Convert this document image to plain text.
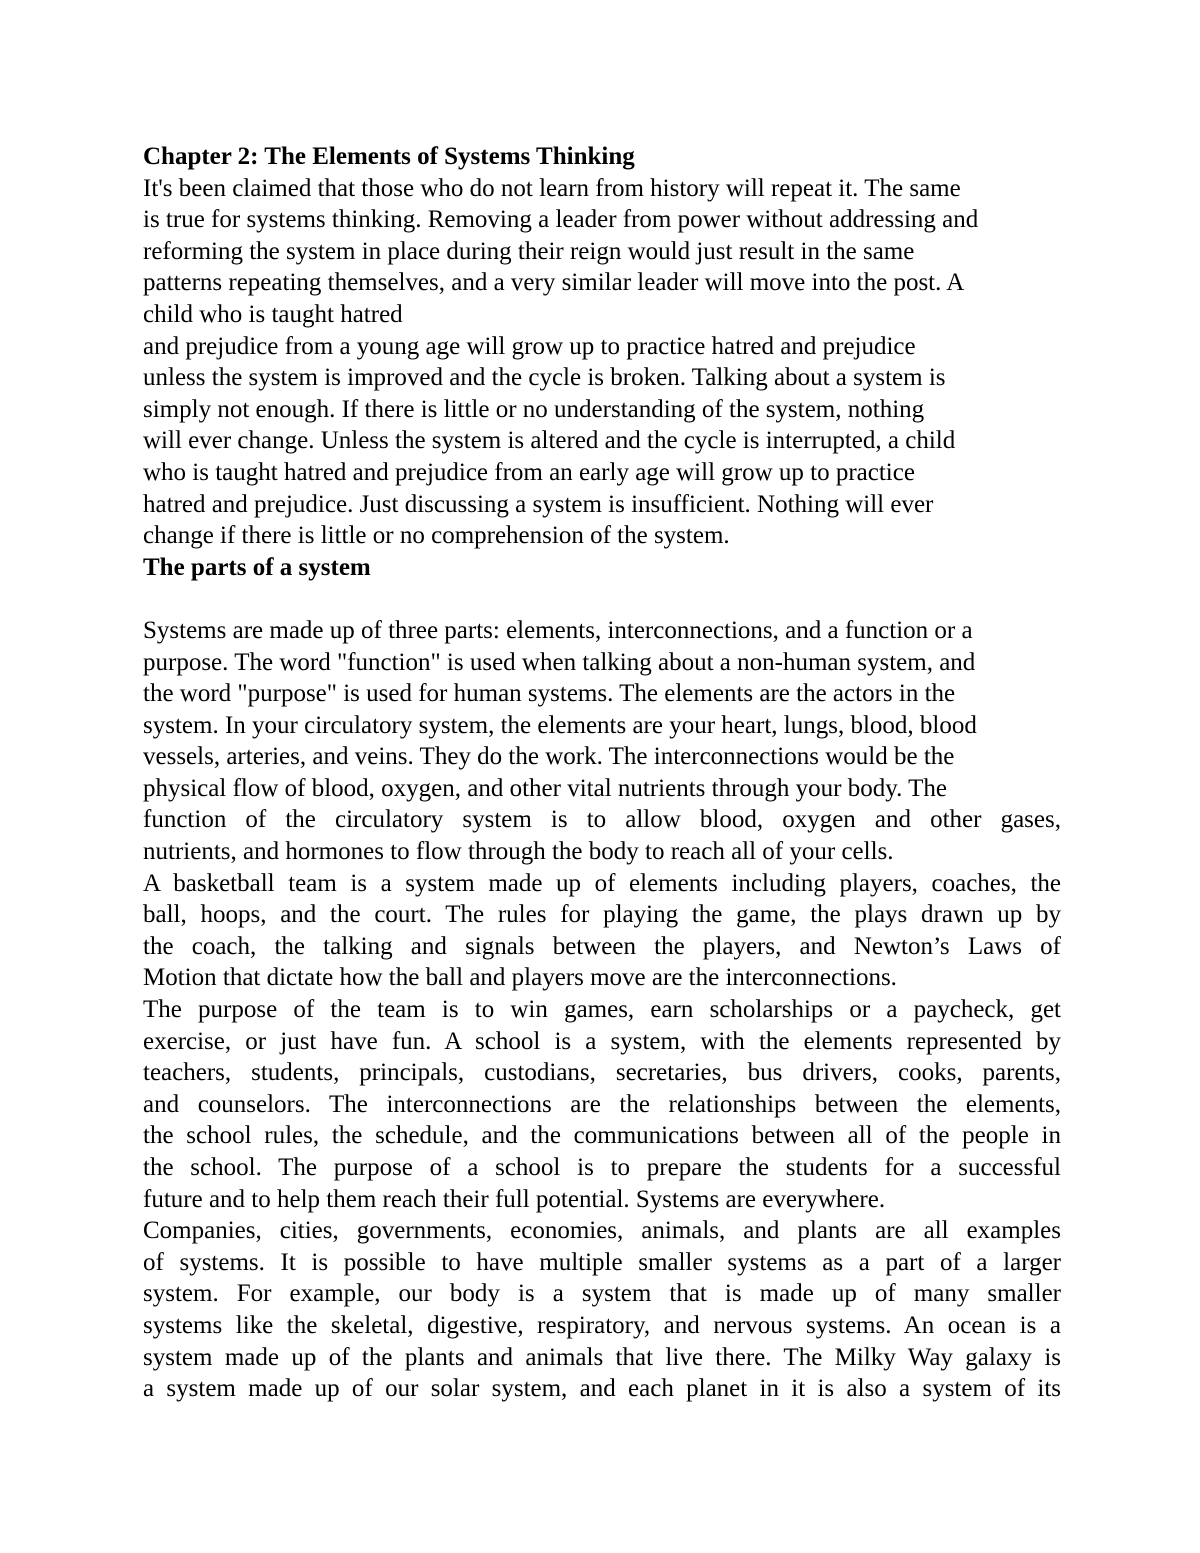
Chapter 2: The Elements of Systems Thinking
It's been claimed that those who do not learn from history will repeat it. The same
is true for systems thinking. Removing a leader from power without addressing and
reforming the system in place during their reign would just result in the same
patterns repeating themselves, and a very similar leader will move into the post. A
child who is taught hatred
and prejudice from a young age will grow up to practice hatred and prejudice
unless the system is improved and the cycle is broken. Talking about a system is
simply not enough. If there is little or no understanding of the system, nothing
will ever change. Unless the system is altered and the cycle is interrupted, a child
who is taught hatred and prejudice from an early age will grow up to practice
hatred and prejudice. Just discussing a system is insufficient. Nothing will ever
change if there is little or no comprehension of the system.
The parts of a system
Systems are made up of three parts: elements, interconnections, and a function or a
purpose. The word "function" is used when talking about a non-human system, and
the word "purpose" is used for human systems. The elements are the actors in the
system. In your circulatory system, the elements are your heart, lungs, blood, blood
vessels, arteries, and veins. They do the work. The interconnections would be the
physical flow of blood, oxygen, and other vital nutrients through your body. The
function of the circulatory system is to allow blood, oxygen and other gases,
nutrients, and hormones to flow through the body to reach all of your cells.
A basketball team is a system made up of elements including players, coaches, the
ball, hoops, and the court. The rules for playing the game, the plays drawn up by
the coach, the talking and signals between the players, and Newton’s Laws of
Motion that dictate how the ball and players move are the interconnections.
The purpose of the team is to win games, earn scholarships or a paycheck, get
exercise, or just have fun. A school is a system, with the elements represented by
teachers, students, principals, custodians, secretaries, bus drivers, cooks, parents,
and counselors. The interconnections are the relationships between the elements,
the school rules, the schedule, and the communications between all of the people in
the school. The purpose of a school is to prepare the students for a successful
future and to help them reach their full potential. Systems are everywhere.
Companies, cities, governments, economies, animals, and plants are all examples
of systems. It is possible to have multiple smaller systems as a part of a larger
system. For example, our body is a system that is made up of many smaller
systems like the skeletal, digestive, respiratory, and nervous systems. An ocean is a
system made up of the plants and animals that live there. The Milky Way galaxy is
a system made up of our solar system, and each planet in it is also a system of its
